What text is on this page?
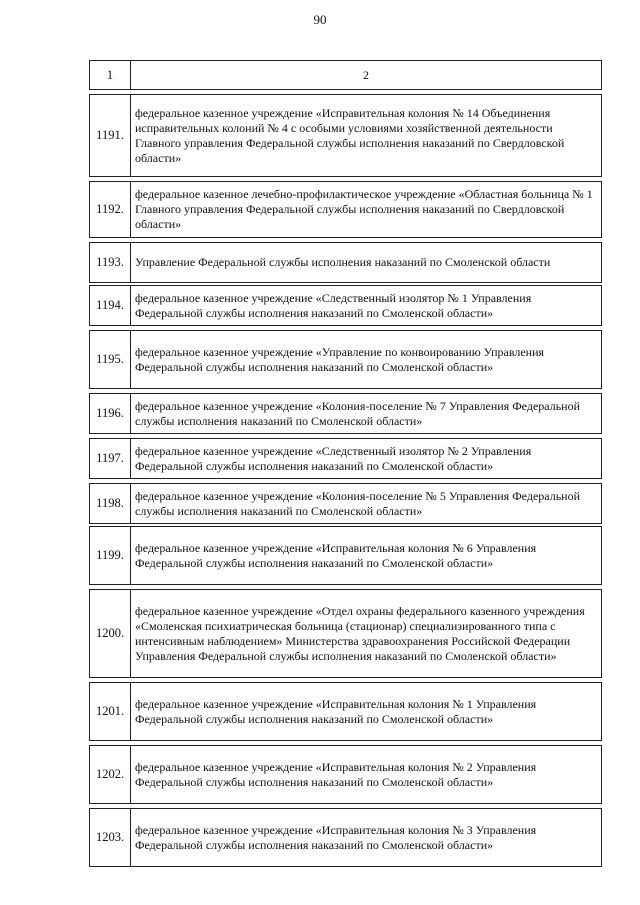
90
1	2

1191.	федеральное казенное учреждение «Исправительная колония № 14 Объединения исправительных колоний № 4 с особыми условиями хозяйственной деятельности Главного управления Федеральной службы исполнения наказаний по Свердловской области»

1192.	федеральное казенное лечебно-профилактическое учреждение «Областная больница № 1 Главного управления Федеральной службы исполнения наказаний по Свердловской области»

1193.	Управление Федеральной службы исполнения наказаний по Смоленской области

1194.	федеральное казенное учреждение «Следственный изолятор № 1 Управления Федеральной службы исполнения наказаний по Смоленской области»

1195.	федеральное казенное учреждение «Управление по конвоированию Управления Федеральной службы исполнения наказаний по Смоленской области»

1196.	федеральное казенное учреждение «Колония-поселение № 7 Управления Федеральной службы исполнения наказаний по Смоленской области»

1197.	федеральное казенное учреждение «Следственный изолятор № 2 Управления Федеральной службы исполнения наказаний по Смоленской области»

1198.	федеральное казенное учреждение «Колония-поселение № 5 Управления Федеральной службы исполнения наказаний по Смоленской области»

1199.	федеральное казенное учреждение «Исправительная колония № 6 Управления Федеральной службы исполнения наказаний по Смоленской области»

1200.	федеральное казенное учреждение «Отдел охраны федерального казенного учреждения «Смоленская психиатрическая больница (стационар) специализированного типа с интенсивным наблюдением» Министерства здравоохранения Российской Федерации Управления Федеральной службы исполнения наказаний по Смоленской области»

1201.	федеральное казенное учреждение «Исправительная колония № 1 Управления Федеральной службы исполнения наказаний по Смоленской области»

1202.	федеральное казенное учреждение «Исправительная колония № 2 Управления Федеральной службы исполнения наказаний по Смоленской области»

1203.	федеральное казенное учреждение «Исправительная колония № 3 Управления Федеральной службы исполнения наказаний по Смоленской области»
